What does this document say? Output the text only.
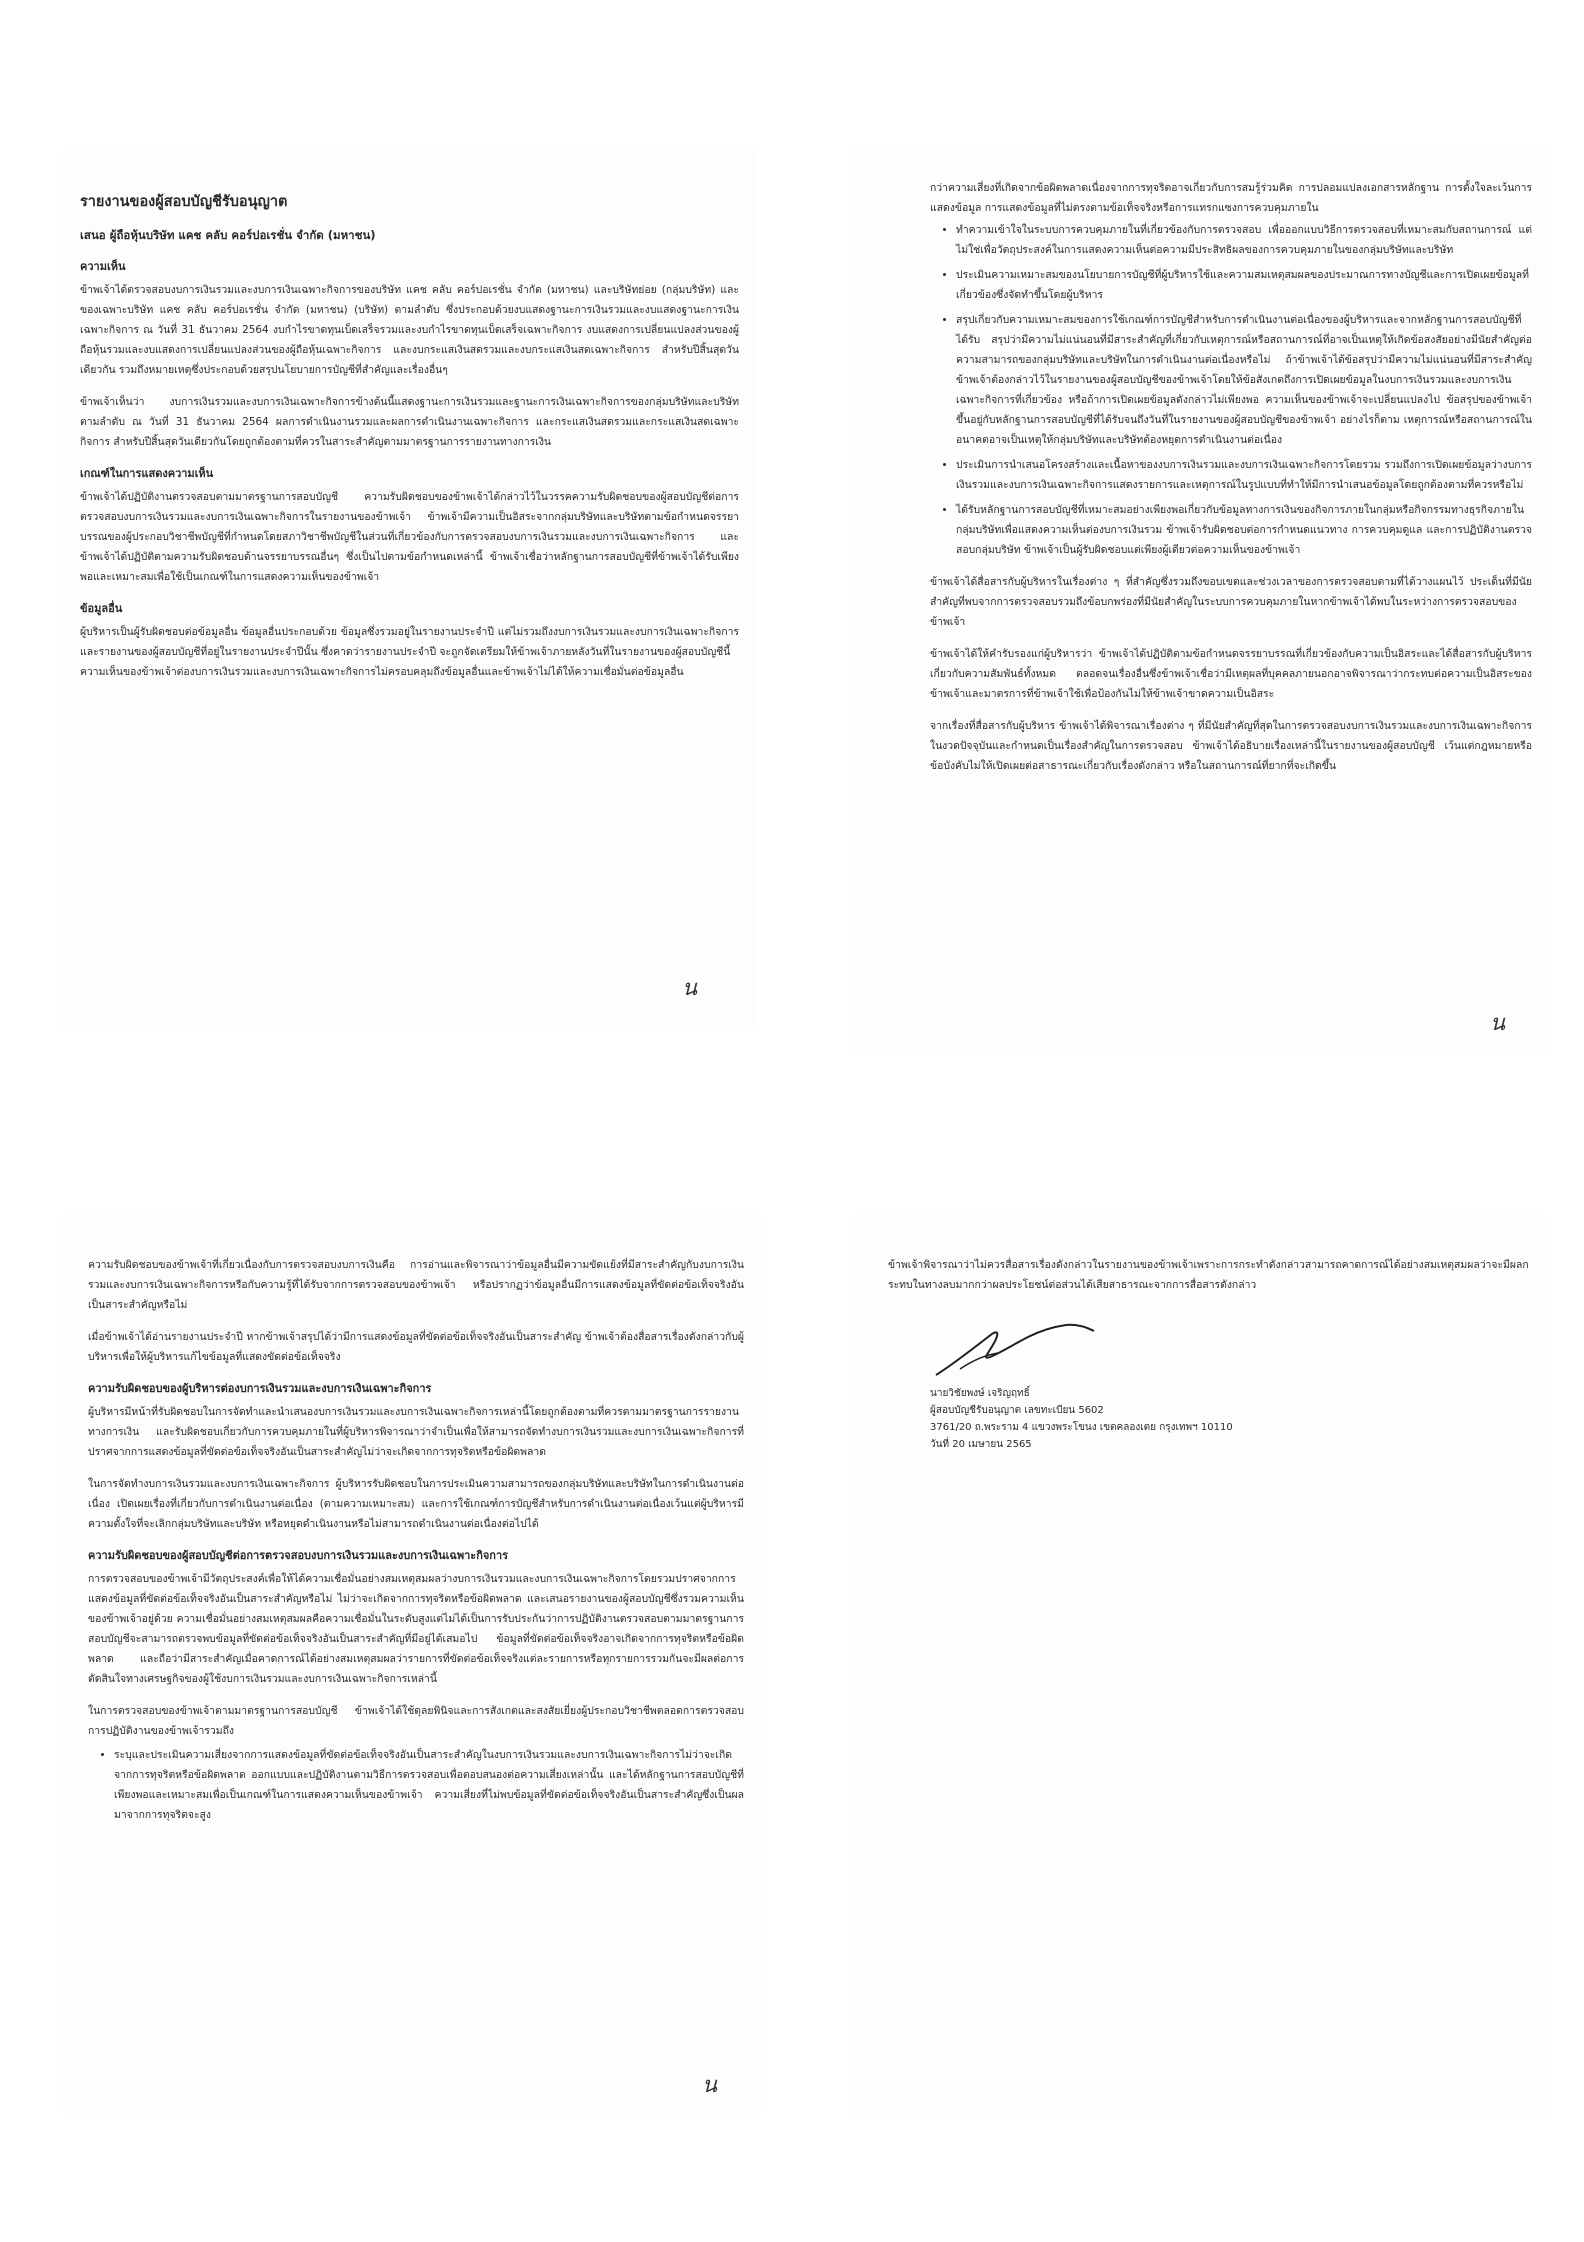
รายงานของผู้สอบบัญชีรับอนุญาต
เสนอ ผู้ถือหุ้นบริษัท แคช คลับ คอร์ปอเรชั่น จำกัด (มหาชน)
ความเห็น

ข้าพเจ้าได้ตรวจสอบงบการเงินรวมและงบการเงินเฉพาะกิจการของบริษัท แคช คลับ คอร์ปอเรชั่น จำกัด (มหาชน) และบริษัทย่อย (กลุ่มบริษัท) และของเฉพาะบริษัท แคช คลับ คอร์ปอเรชั่น จำกัด (มหาชน) (บริษัท) ตามลำดับ ซึ่งประกอบด้วยงบแสดงฐานะการเงินรวมและงบแสดงฐานะการเงินเฉพาะกิจการ ณ วันที่ 31 ธันวาคม 2564 งบกำไรขาดทุนเบ็ดเสร็จรวมและงบกำไรขาดทุนเบ็ดเสร็จเฉพาะกิจการ งบแสดงการเปลี่ยนแปลงส่วนของผู้ถือหุ้นรวมและงบแสดงการเปลี่ยนแปลงส่วนของผู้ถือหุ้นเฉพาะกิจการ และงบกระแสเงินสดรวมและงบกระแสเงินสดเฉพาะกิจการ สำหรับปีสิ้นสุดวันเดียวกัน รวมถึงหมายเหตุซึ่งประกอบด้วยสรุปนโยบายการบัญชีที่สำคัญและเรื่องอื่นๆ

ข้าพเจ้าเห็นว่า งบการเงินรวมและงบการเงินเฉพาะกิจการข้างต้นนี้แสดงฐานะการเงินรวมและฐานะการเงินเฉพาะกิจการของกลุ่มบริษัทและบริษัท ตามลำดับ ณ วันที่ 31 ธันวาคม 2564 ผลการดำเนินงานรวมและผลการดำเนินงานเฉพาะกิจการ และกระแสเงินสดรวมและกระแสเงินสดเฉพาะกิจการ สำหรับปีสิ้นสุดวันเดียวกันโดยถูกต้องตามที่ควรในสาระสำคัญตามมาตรฐานการรายงานทางการเงิน

เกณฑ์ในการแสดงความเห็น

ข้าพเจ้าได้ปฏิบัติงานตรวจสอบตามมาตรฐานการสอบบัญชี ความรับผิดชอบของข้าพเจ้าได้กล่าวไว้ในวรรคความรับผิดชอบของผู้สอบบัญชีต่อการตรวจสอบงบการเงินรวมและงบการเงินเฉพาะกิจการในรายงานของข้าพเจ้า ข้าพเจ้ามีความเป็นอิสระจากกลุ่มบริษัทและบริษัทตามข้อกำหนดจรรยาบรรณของผู้ประกอบวิชาชีพบัญชีที่กำหนดโดยสภาวิชาชีพบัญชีในส่วนที่เกี่ยวข้องกับการตรวจสอบงบการเงินรวมและงบการเงินเฉพาะกิจการ และข้าพเจ้าได้ปฏิบัติตามความรับผิดชอบด้านจรรยาบรรณอื่นๆ ซึ่งเป็นไปตามข้อกำหนดเหล่านี้ ข้าพเจ้าเชื่อว่าหลักฐานการสอบบัญชีที่ข้าพเจ้าได้รับเพียงพอและเหมาะสมเพื่อใช้เป็นเกณฑ์ในการแสดงความเห็นของข้าพเจ้า

ข้อมูลอื่น

ผู้บริหารเป็นผู้รับผิดชอบต่อข้อมูลอื่น ข้อมูลอื่นประกอบด้วย ข้อมูลซึ่งรวมอยู่ในรายงานประจำปี แต่ไม่รวมถึงงบการเงินรวมและงบการเงินเฉพาะกิจการและรายงานของผู้สอบบัญชีที่อยู่ในรายงานประจำปีนั้น ซึ่งคาดว่ารายงานประจำปี จะถูกจัดเตรียมให้ข้าพเจ้าภายหลังวันที่ในรายงานของผู้สอบบัญชีนี้

ความเห็นของข้าพเจ้าต่องบการเงินรวมและงบการเงินเฉพาะกิจการไม่ครอบคลุมถึงข้อมูลอื่นและข้าพเจ้าไม่ได้ให้ความเชื่อมั่นต่อข้อมูลอื่น

น

กว่าความเสี่ยงที่เกิดจากข้อผิดพลาดเนื่องจากการทุจริตอาจเกี่ยวกับการสมรู้ร่วมคิด การปลอมแปลงเอกสารหลักฐาน การตั้งใจละเว้นการแสดงข้อมูล การแสดงข้อมูลที่ไม่ตรงตามข้อเท็จจริงหรือการแทรกแซงการควบคุมภายใน

• ทำความเข้าใจในระบบการควบคุมภายในที่เกี่ยวข้องกับการตรวจสอบ เพื่อออกแบบวิธีการตรวจสอบที่เหมาะสมกับสถานการณ์ แต่ไม่ใช่เพื่อวัตถุประสงค์ในการแสดงความเห็นต่อความมีประสิทธิผลของการควบคุมภายในของกลุ่มบริษัทและบริษัท
• ประเมินความเหมาะสมของนโยบายการบัญชีที่ผู้บริหารใช้และความสมเหตุสมผลของประมาณการทางบัญชีและการเปิดเผยข้อมูลที่เกี่ยวข้องซึ่งจัดทำขึ้นโดยผู้บริหาร
• สรุปเกี่ยวกับความเหมาะสมของการใช้เกณฑ์การบัญชีสำหรับการดำเนินงานต่อเนื่องของผู้บริหารและจากหลักฐานการสอบบัญชีที่ได้รับ สรุปว่ามีความไม่แน่นอนที่มีสาระสำคัญที่เกี่ยวกับเหตุการณ์หรือสถานการณ์ที่อาจเป็นเหตุให้เกิดข้อสงสัยอย่างมีนัยสำคัญต่อความสามารถของกลุ่มบริษัทและบริษัทในการดำเนินงานต่อเนื่องหรือไม่ ถ้าข้าพเจ้าได้ข้อสรุปว่ามีความไม่แน่นอนที่มีสาระสำคัญ ข้าพเจ้าต้องกล่าวไว้ในรายงานของผู้สอบบัญชีของข้าพเจ้าโดยให้ข้อสังเกตถึงการเปิดเผยข้อมูลในงบการเงินรวมและงบการเงินเฉพาะกิจการที่เกี่ยวข้อง หรือถ้าการเปิดเผยข้อมูลดังกล่าวไม่เพียงพอ ความเห็นของข้าพเจ้าจะเปลี่ยนแปลงไป ข้อสรุปของข้าพเจ้าขึ้นอยู่กับหลักฐานการสอบบัญชีที่ได้รับจนถึงวันที่ในรายงานของผู้สอบบัญชีของข้าพเจ้า อย่างไรก็ตาม เหตุการณ์หรือสถานการณ์ในอนาคตอาจเป็นเหตุให้กลุ่มบริษัทและบริษัทต้องหยุดการดำเนินงานต่อเนื่อง
• ประเมินการนำเสนอโครงสร้างและเนื้อหาของงบการเงินรวมและงบการเงินเฉพาะกิจการโดยรวม รวมถึงการเปิดเผยข้อมูลว่างบการเงินรวมและงบการเงินเฉพาะกิจการแสดงรายการและเหตุการณ์ในรูปแบบที่ทำให้มีการนำเสนอข้อมูลโดยถูกต้องตามที่ควรหรือไม่
• ได้รับหลักฐานการสอบบัญชีที่เหมาะสมอย่างเพียงพอเกี่ยวกับข้อมูลทางการเงินของกิจการภายในกลุ่มหรือกิจกรรมทางธุรกิจภายในกลุ่มบริษัทเพื่อแสดงความเห็นต่องบการเงินรวม ข้าพเจ้ารับผิดชอบต่อการกำหนดแนวทาง การควบคุมดูแล และการปฏิบัติงานตรวจสอบกลุ่มบริษัท ข้าพเจ้าเป็นผู้รับผิดชอบแต่เพียงผู้เดียวต่อความเห็นของข้าพเจ้า

ข้าพเจ้าได้สื่อสารกับผู้บริหารในเรื่องต่าง ๆ ที่สำคัญซึ่งรวมถึงขอบเขตและช่วงเวลาของการตรวจสอบตามที่ได้วางแผนไว้ ประเด็นที่มีนัยสำคัญที่พบจากการตรวจสอบรวมถึงข้อบกพร่องที่มีนัยสำคัญในระบบการควบคุมภายในหากข้าพเจ้าได้พบในระหว่างการตรวจสอบของข้าพเจ้า

ข้าพเจ้าได้ให้คำรับรองแก่ผู้บริหารว่า ข้าพเจ้าได้ปฏิบัติตามข้อกำหนดจรรยาบรรณที่เกี่ยวข้องกับความเป็นอิสระและได้สื่อสารกับผู้บริหารเกี่ยวกับความสัมพันธ์ทั้งหมด ตลอดจนเรื่องอื่นซึ่งข้าพเจ้าเชื่อว่ามีเหตุผลที่บุคคลภายนอกอาจพิจารณาว่ากระทบต่อความเป็นอิสระของข้าพเจ้าและมาตรการที่ข้าพเจ้าใช้เพื่อป้องกันไม่ให้ข้าพเจ้าขาดความเป็นอิสระ

จากเรื่องที่สื่อสารกับผู้บริหาร ข้าพเจ้าได้พิจารณาเรื่องต่าง ๆ ที่มีนัยสำคัญที่สุดในการตรวจสอบงบการเงินรวมและงบการเงินเฉพาะกิจการในงวดปัจจุบันและกำหนดเป็นเรื่องสำคัญในการตรวจสอบ ข้าพเจ้าได้อธิบายเรื่องเหล่านี้ในรายงานของผู้สอบบัญชี เว้นแต่กฎหมายหรือข้อบังคับไม่ให้เปิดเผยต่อสาธารณะเกี่ยวกับเรื่องดังกล่าว หรือในสถานการณ์ที่ยากที่จะเกิดขึ้น

น

ความรับผิดชอบของข้าพเจ้าที่เกี่ยวเนื่องกับการตรวจสอบงบการเงินคือ การอ่านและพิจารณาว่าข้อมูลอื่นมีความขัดแย้งที่มีสาระสำคัญกับงบการเงินรวมและงบการเงินเฉพาะกิจการหรือกับความรู้ที่ได้รับจากการตรวจสอบของข้าพเจ้า หรือปรากฏว่าข้อมูลอื่นมีการแสดงข้อมูลที่ขัดต่อข้อเท็จจริงอันเป็นสาระสำคัญหรือไม่

เมื่อข้าพเจ้าได้อ่านรายงานประจำปี หากข้าพเจ้าสรุปได้ว่ามีการแสดงข้อมูลที่ขัดต่อข้อเท็จจริงอันเป็นสาระสำคัญ ข้าพเจ้าต้องสื่อสารเรื่องดังกล่าวกับผู้บริหารเพื่อให้ผู้บริหารแก้ไขข้อมูลที่แสดงขัดต่อข้อเท็จจริง

ความรับผิดชอบของผู้บริหารต่องบการเงินรวมและงบการเงินเฉพาะกิจการ

ผู้บริหารมีหน้าที่รับผิดชอบในการจัดทำและนำเสนองบการเงินรวมและงบการเงินเฉพาะกิจการเหล่านี้โดยถูกต้องตามที่ควรตามมาตรฐานการรายงานทางการเงิน และรับผิดชอบเกี่ยวกับการควบคุมภายในที่ผู้บริหารพิจารณาว่าจำเป็นเพื่อให้สามารถจัดทำงบการเงินรวมและงบการเงินเฉพาะกิจการที่ปราศจากการแสดงข้อมูลที่ขัดต่อข้อเท็จจริงอันเป็นสาระสำคัญไม่ว่าจะเกิดจากการทุจริตหรือข้อผิดพลาด

ในการจัดทำงบการเงินรวมและงบการเงินเฉพาะกิจการ ผู้บริหารรับผิดชอบในการประเมินความสามารถของกลุ่มบริษัทและบริษัทในการดำเนินงานต่อเนื่อง เปิดเผยเรื่องที่เกี่ยวกับการดำเนินงานต่อเนื่อง (ตามความเหมาะสม) และการใช้เกณฑ์การบัญชีสำหรับการดำเนินงานต่อเนื่องเว้นแต่ผู้บริหารมีความตั้งใจที่จะเลิกกลุ่มบริษัทและบริษัท หรือหยุดดำเนินงานหรือไม่สามารถดำเนินงานต่อเนื่องต่อไปได้

ความรับผิดชอบของผู้สอบบัญชีต่อการตรวจสอบงบการเงินรวมและงบการเงินเฉพาะกิจการ

การตรวจสอบของข้าพเจ้ามีวัตถุประสงค์เพื่อให้ได้ความเชื่อมั่นอย่างสมเหตุสมผลว่างบการเงินรวมและงบการเงินเฉพาะกิจการโดยรวมปราศจากการแสดงข้อมูลที่ขัดต่อข้อเท็จจริงอันเป็นสาระสำคัญหรือไม่ ไม่ว่าจะเกิดจากการทุจริตหรือข้อผิดพลาด และเสนอรายงานของผู้สอบบัญชีซึ่งรวมความเห็นของข้าพเจ้าอยู่ด้วย ความเชื่อมั่นอย่างสมเหตุสมผลคือความเชื่อมั่นในระดับสูงแต่ไม่ได้เป็นการรับประกันว่าการปฏิบัติงานตรวจสอบตามมาตรฐานการสอบบัญชีจะสามารถตรวจพบข้อมูลที่ขัดต่อข้อเท็จจริงอันเป็นสาระสำคัญที่มีอยู่ได้เสมอไป ข้อมูลที่ขัดต่อข้อเท็จจริงอาจเกิดจากการทุจริตหรือข้อผิดพลาด และถือว่ามีสาระสำคัญเมื่อคาดการณ์ได้อย่างสมเหตุสมผลว่ารายการที่ขัดต่อข้อเท็จจริงแต่ละรายการหรือทุกรายการรวมกันจะมีผลต่อการตัดสินใจทางเศรษฐกิจของผู้ใช้งบการเงินรวมและงบการเงินเฉพาะกิจการเหล่านี้

ในการตรวจสอบของข้าพเจ้าตามมาตรฐานการสอบบัญชี ข้าพเจ้าได้ใช้ดุลยพินิจและการสังเกตและสงสัยเยี่ยงผู้ประกอบวิชาชีพตลอดการตรวจสอบ การปฏิบัติงานของข้าพเจ้ารวมถึง

• ระบุและประเมินความเสี่ยงจากการแสดงข้อมูลที่ขัดต่อข้อเท็จจริงอันเป็นสาระสำคัญในงบการเงินรวมและงบการเงินเฉพาะกิจการไม่ว่าจะเกิดจากการทุจริตหรือข้อผิดพลาด ออกแบบและปฏิบัติงานตามวิธีการตรวจสอบเพื่อตอบสนองต่อความเสี่ยงเหล่านั้น และได้หลักฐานการสอบบัญชีที่เพียงพอและเหมาะสมเพื่อเป็นเกณฑ์ในการแสดงความเห็นของข้าพเจ้า ความเสี่ยงที่ไม่พบข้อมูลที่ขัดต่อข้อเท็จจริงอันเป็นสาระสำคัญซึ่งเป็นผลมาจากการทุจริตจะสูง
น

ข้าพเจ้าพิจารณาว่าไม่ควรสื่อสารเรื่องดังกล่าวในรายงานของข้าพเจ้าเพราะการกระทำดังกล่าวสามารถคาดการณ์ได้อย่างสมเหตุสมผลว่าจะมีผลกระทบในทางลบมากกว่าผลประโยชน์ต่อส่วนได้เสียสาธารณะจากการสื่อสารดังกล่าว

นายวิชัยพงษ์ เจริญฤทธิ์

ผู้สอบบัญชีรับอนุญาต เลขทะเบียน 5602

3761/20 ถ.พระราม 4 แขวงพระโขนง เขตคลองเตย กรุงเทพฯ 10110

วันที่ 20 เมษายน 2565
